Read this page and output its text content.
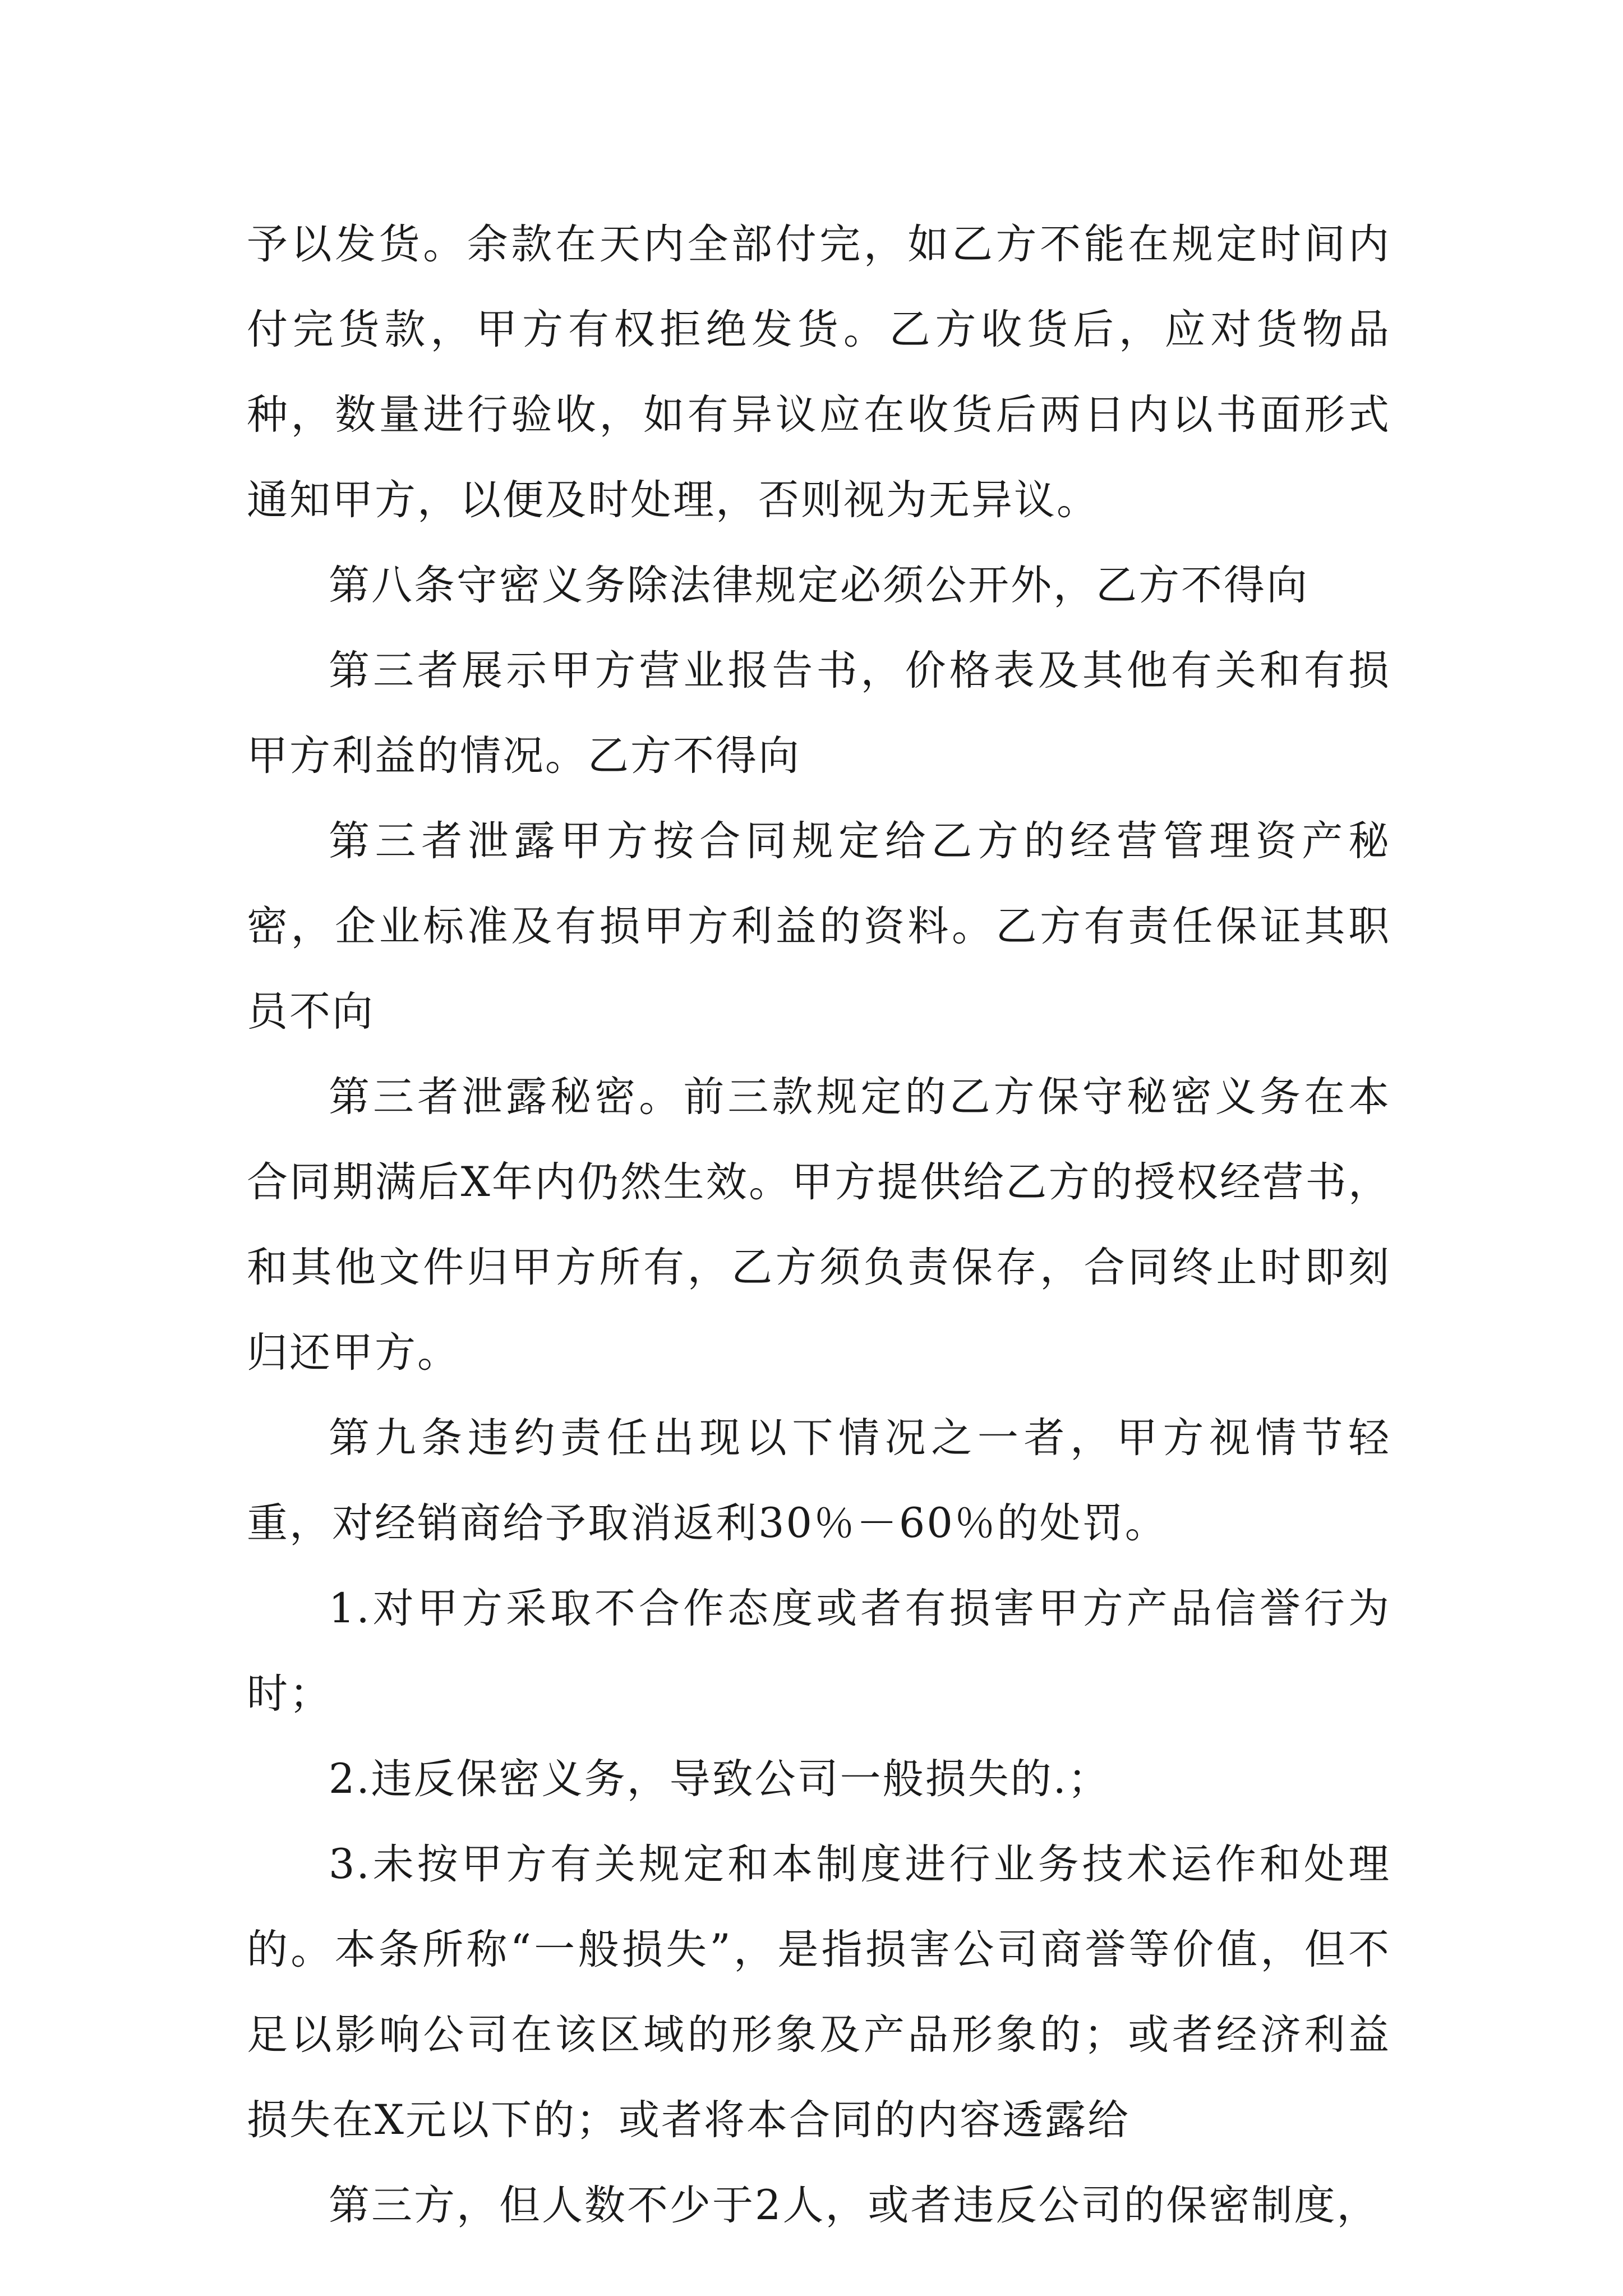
予以发货。余款在天内全部付完，如乙方不能在规定时间内付完货款，甲方有权拒绝发货。乙方收货后，应对货物品种，数量进行验收，如有异议应在收货后两日内以书面形式通知甲方，以便及时处理，否则视为无异议。

第八条守密义务除法律规定必须公开外，乙方不得向

第三者展示甲方营业报告书，价格表及其他有关和有损甲方利益的情况。乙方不得向

第三者泄露甲方按合同规定给乙方的经营管理资产秘密，企业标准及有损甲方利益的资料。乙方有责任保证其职员不向

第三者泄露秘密。前三款规定的乙方保守秘密义务在本合同期满后X年内仍然生效。甲方提供给乙方的授权经营书，和其他文件归甲方所有，乙方须负责保存，合同终止时即刻归还甲方。

第九条违约责任出现以下情况之一者，甲方视情节轻重，对经销商给予取消返利30％－60％的处罚。

1.对甲方采取不合作态度或者有损害甲方产品信誉行为时；

2.违反保密义务，导致公司一般损失的.；

3.未按甲方有关规定和本制度进行业务技术运作和处理的。本条所称“一般损失”，是指损害公司商誉等价值，但不足以影响公司在该区域的形象及产品形象的；或者经济利益损失在X元以下的；或者将本合同的内容透露给

第三方，但人数不少于2人，或者违反公司的保密制度，
